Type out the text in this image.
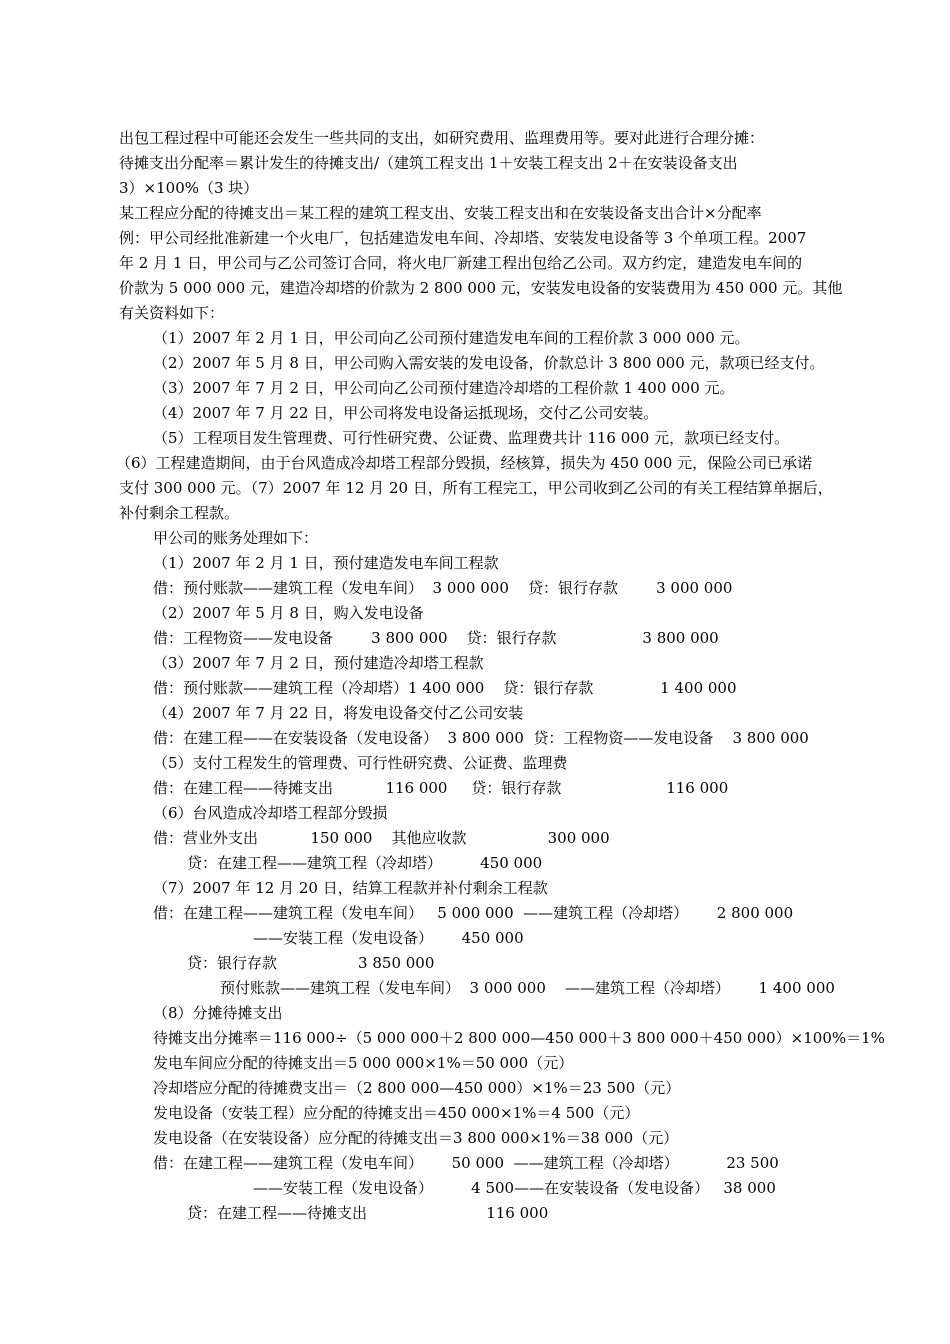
出包工程过程中可能还会发生一些共同的支出，如研究费用、监理费用等。要对此进行合理分摊：
待摊支出分配率＝累计发生的待摊支出/（建筑工程支出 1＋安装工程支出 2＋在安装设备支出
3）×100%（3 块）
某工程应分配的待摊支出＝某工程的建筑工程支出、安装工程支出和在安装设备支出合计×分配率
例：甲公司经批准新建一个火电厂，包括建造发电车间、冷却塔、安装发电设备等 3 个单项工程。2007
年 2 月 1 日，甲公司与乙公司签订合同，将火电厂新建工程出包给乙公司。双方约定，建造发电车间的
价款为 5 000 000 元，建造冷却塔的价款为 2 800 000 元，安装发电设备的安装费用为 450 000 元。其他
有关资料如下：
（1）2007 年 2 月 1 日，甲公司向乙公司预付建造发电车间的工程价款 3 000 000 元。
（2）2007 年 5 月 8 日，甲公司购入需安装的发电设备，价款总计 3 800 000 元，款项已经支付。
（3）2007 年 7 月 2 日，甲公司向乙公司预付建造冷却塔的工程价款 1 400 000 元。
（4）2007 年 7 月 22 日，甲公司将发电设备运抵现场，交付乙公司安装。
（5）工程项目发生管理费、可行性研究费、公证费、监理费共计 116 000 元，款项已经支付。
（6）工程建造期间，由于台风造成冷却塔工程部分毁损，经核算，损失为 450 000 元，保险公司已承诺
支付 300 000 元。（7）2007 年 12 月 20 日，所有工程完工，甲公司收到乙公司的有关工程结算单据后，
补付剩余工程款。
甲公司的账务处理如下：
（1）2007 年 2 月 1 日，预付建造发电车间工程款
借：预付账款——建筑工程（发电车间）  3 000 000    贷：银行存款        3 000 000
（2）2007 年 5 月 8 日，购入发电设备
借：工程物资——发电设备        3 800 000    贷：银行存款                  3 800 000
（3）2007 年 7 月 2 日，预付建造冷却塔工程款
借：预付账款——建筑工程（冷却塔）1 400 000    贷：银行存款              1 400 000
（4）2007 年 7 月 22 日，将发电设备交付乙公司安装
借：在建工程——在安装设备（发电设备）  3 800 000  贷：工程物资——发电设备    3 800 000
（5）支付工程发生的管理费、可行性研究费、公证费、监理费
借：在建工程——待摊支出           116 000     贷：银行存款                      116 000
（6）台风造成冷却塔工程部分毁损
借：营业外支出           150 000    其他应收款                 300 000
贷：在建工程——建筑工程（冷却塔）        450 000
（7）2007 年 12 月 20 日，结算工程款并补付剩余工程款
借：在建工程——建筑工程（发电车间）   5 000 000  ——建筑工程（冷却塔）      2 800 000
——安装工程（发电设备）      450 000
贷：银行存款                 3 850 000
预付账款——建筑工程（发电车间）  3 000 000    ——建筑工程（冷却塔）      1 400 000
（8）分摊待摊支出
待摊支出分摊率＝116 000÷（5 000 000＋2 800 000—450 000＋3 800 000＋450 000）×100%＝1%
发电车间应分配的待摊支出＝5 000 000×1%＝50 000（元）
冷却塔应分配的待摊费支出＝（2 800 000—450 000）×1%＝23 500（元）
发电设备（安装工程）应分配的待摊支出＝450 000×1%＝4 500（元）
发电设备（在安装设备）应分配的待摊支出＝3 800 000×1%＝38 000（元）
借：在建工程——建筑工程（发电车间）      50 000  ——建筑工程（冷却塔）          23 500
——安装工程（发电设备）        4 500——在安装设备（发电设备）   38 000
贷：在建工程——待摊支出                         116 000
